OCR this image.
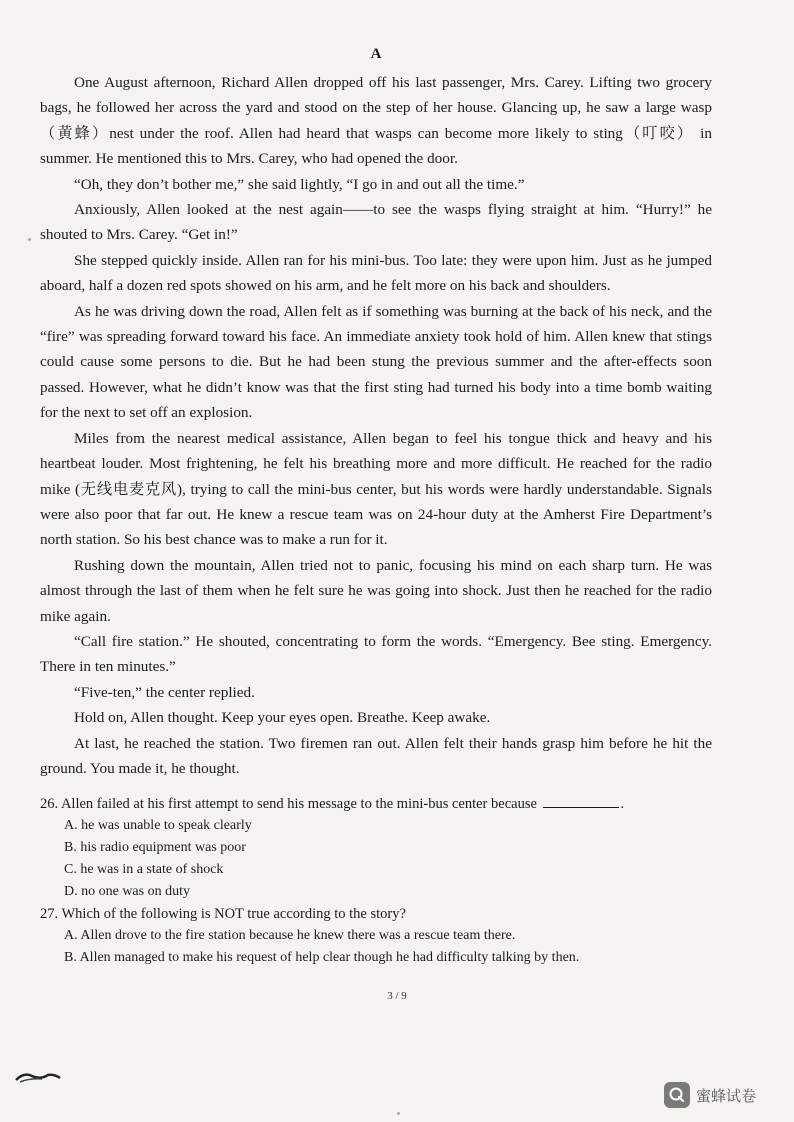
A

One August afternoon, Richard Allen dropped off his last passenger, Mrs. Carey. Lifting two grocery bags, he followed her across the yard and stood on the step of her house. Glancing up, he saw a large wasp（黄蜂）nest under the roof. Allen had heard that wasps can become more likely to sting（叮咬） in summer. He mentioned this to Mrs. Carey, who had opened the door.

“Oh, they don’t bother me,” she said lightly, “I go in and out all the time.”

Anxiously, Allen looked at the nest again——to see the wasps flying straight at him. “Hurry!” he shouted to Mrs. Carey. “Get in!”

She stepped quickly inside. Allen ran for his mini-bus. Too late: they were upon him. Just as he jumped aboard, half a dozen red spots showed on his arm, and he felt more on his back and shoulders.

As he was driving down the road, Allen felt as if something was burning at the back of his neck, and the “fire” was spreading forward toward his face. An immediate anxiety took hold of him. Allen knew that stings could cause some persons to die. But he had been stung the previous summer and the after-effects soon passed. However, what he didn’t know was that the first sting had turned his body into a time bomb waiting for the next to set off an explosion.

Miles from the nearest medical assistance, Allen began to feel his tongue thick and heavy and his heartbeat louder. Most frightening, he felt his breathing more and more difficult. He reached for the radio mike (无线电麦克风), trying to call the mini-bus center, but his words were hardly understandable. Signals were also poor that far out. He knew a rescue team was on 24-hour duty at the Amherst Fire Department’s north station. So his best chance was to make a run for it.

Rushing down the mountain, Allen tried not to panic, focusing his mind on each sharp turn. He was almost through the last of them when he felt sure he was going into shock. Just then he reached for the radio mike again.

“Call fire station.” He shouted, concentrating to form the words. “Emergency. Bee sting. Emergency. There in ten minutes.”

“Five-ten,” the center replied.

Hold on, Allen thought. Keep your eyes open. Breathe. Keep awake.

At last, he reached the station. Two firemen ran out. Allen felt their hands grasp him before he hit the ground. You made it, he thought.

26. Allen failed at his first attempt to send his message to the mini-bus center because	.

A. he was unable to speak clearly

B. his radio equipment was poor

C. he was in a state of shock

D. no one was on duty

27. Which of the following is NOT true according to the story?

A. Allen drove to the fire station because he knew there was a rescue team there.

B. Allen managed to make his request of help clear though he had difficulty talking by then.

3 / 9
蜜蜂试卷
